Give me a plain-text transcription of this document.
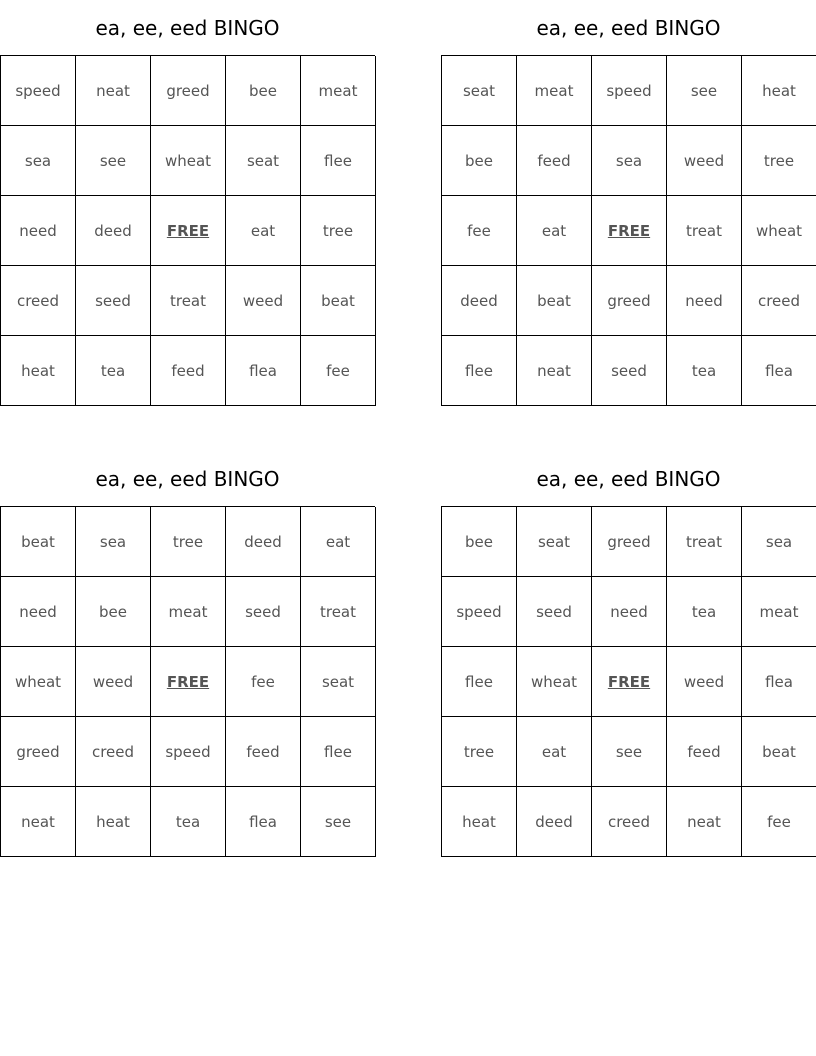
ea, ee, eed BINGO
speed	neat	greed	bee	meat
sea	see	wheat	seat	flee
need	deed	FREE	eat	tree
creed	seed	treat	weed	beat
heat	tea	feed	flea	fee
ea, ee, eed BINGO
seat	meat	speed	see	heat
bee	feed	sea	weed	tree
fee	eat	FREE	treat	wheat
deed	beat	greed	need	creed
flee	neat	seed	tea	flea
ea, ee, eed BINGO
beat	sea	tree	deed	eat
need	bee	meat	seed	treat
wheat	weed	FREE	fee	seat
greed	creed	speed	feed	flee
neat	heat	tea	flea	see
ea, ee, eed BINGO
bee	seat	greed	treat	sea
speed	seed	need	tea	meat
flee	wheat	FREE	weed	flea
tree	eat	see	feed	beat
heat	deed	creed	neat	fee
